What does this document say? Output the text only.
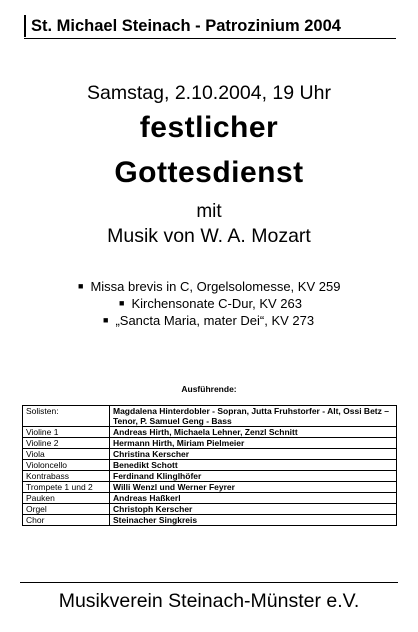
St. Michael Steinach - Patrozinium 2004
Samstag, 2.10.2004, 19 Uhr
festlicher
Gottesdienst
mit
Musik von W. A. Mozart
■ Missa brevis in C, Orgelsolomesse, KV 259
■ Kirchensonate C-Dur, KV 263
■ „Sancta Maria, mater Dei“, KV 273
Ausführende:
Solisten:	Magdalena Hinterdobler - Sopran, Jutta Fruhstorfer - Alt, Ossi Betz – Tenor, P. Samuel Geng - Bass
Violine 1	Andreas Hirth, Michaela Lehner, Zenzl Schnitt
Violine 2	Hermann Hirth, Miriam Pielmeier
Viola	Christina Kerscher
Violoncello	Benedikt Schott
Kontrabass	Ferdinand Klinglhöfer
Trompete 1 und 2	Willi Wenzl und Werner Feyrer
Pauken	Andreas Haßkerl
Orgel	Christoph Kerscher
Chor	Steinacher Singkreis
Musikverein Steinach-Münster e.V.
